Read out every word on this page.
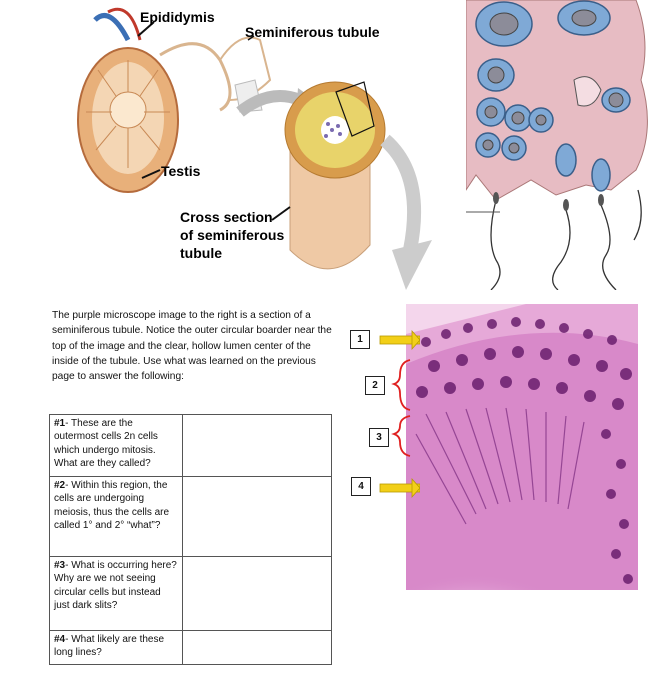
Epididymis
Seminiferous tubule
Testis
Cross section of seminiferous tubule
The purple microscope image to the right is a section of a seminiferous tubule. Notice the outer circular boarder near the top of the image and the clear, hollow lumen center of the inside of the tubule. Use what was learned on the previous page to answer the following:
#1- These are the outermost cells 2n cells which undergo mitosis. What are they called?	
#2- Within this region, the cells are undergoing meiosis, thus the cells are called 1° and 2° “what”?	
#3- What is occurring here? Why are we not seeing circular cells but instead just dark slits?	
#4- What likely are these long lines?	
1
2
3
4
